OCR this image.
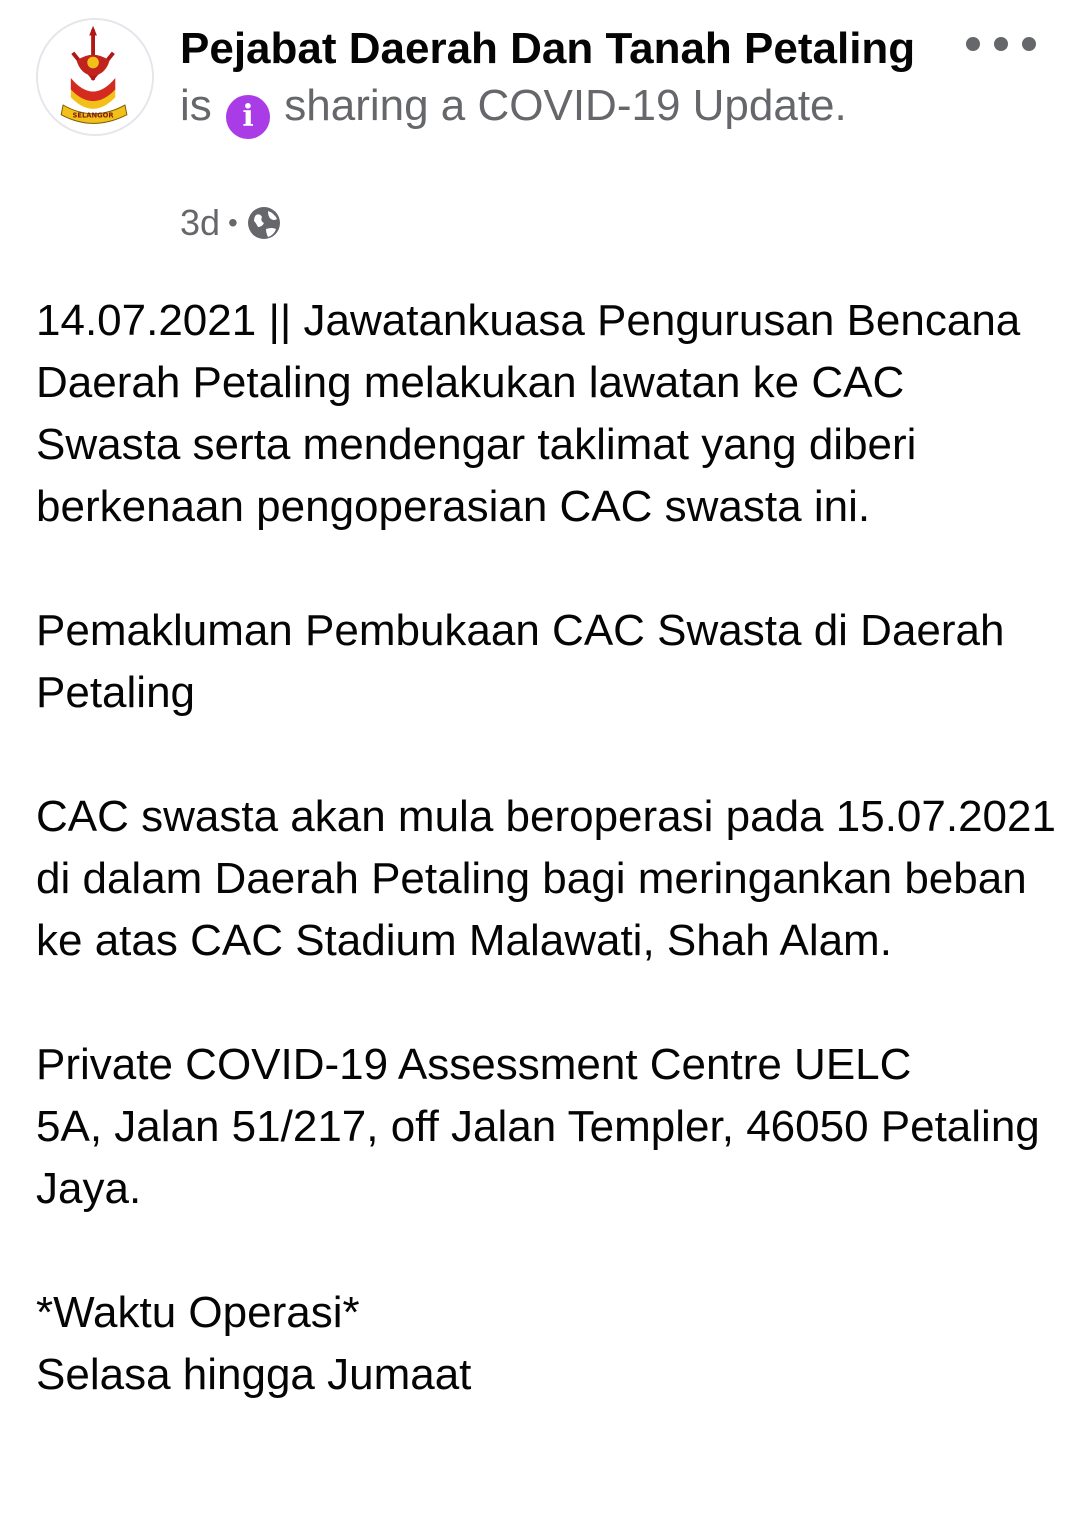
SELANGOR
Pejabat Daerah Dan Tanah Petaling is i sharing a COVID-19 Update.
3d •

14.07.2021 || Jawatankuasa Pengurusan Bencana Daerah Petaling melakukan lawatan ke CAC Swasta serta mendengar taklimat yang diberi berkenaan pengoperasian CAC swasta ini.

Pemakluman Pembukaan CAC Swasta di Daerah Petaling

CAC swasta akan mula beroperasi pada 15.07.2021 di dalam Daerah Petaling bagi meringankan beban ke atas CAC Stadium Malawati, Shah Alam.

Private COVID-19 Assessment Centre UELC
5A, Jalan 51/217, off Jalan Templer, 46050 Petaling Jaya.

*Waktu Operasi*

Selasa hingga Jumaat
